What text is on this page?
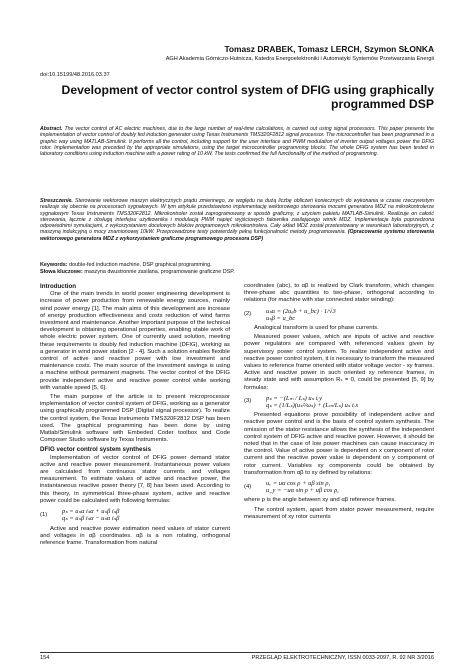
Tomasz DRABEK, Tomasz LERCH, Szymon SŁONKA
AGH Akademia Górniczo-Hutnicza, Katedra Energoelektroniki i Automatyki Systemów Przetwarzania Energii
doi:10.15199/48.2016.03.37
Development of vector control system of DFIG using graphically programmed DSP
Abstract. The vector control of AC electric machines, due to the large number of real-time calculations, is carried out using signal processors. This paper presents the implementation of vector control of doubly fed induction generator using Texas Instruments TMS320F2812 signal processor. The microcontroller has been programmed in a graphic way using MATLAB-Simulink. It performs all the control, including support for the user interface and PWM modulation of inverter output voltages power the DFIG rotor. Implementation was preceded by the appropriate simulations, using the target microcontroller programming blocks. The whole DFIG system has been tested in laboratory conditions using induction machine with a power rating of 10 kW. The tests confirmed the full functionality of the method of programming.
Streszczenie. Sterowanie wektorowe maszyn elektrycznych prądu zmiennego, ze względu na dużą liczbę obliczeń koniecznych do wykonania w czasie rzeczywistym realizuje się obecnie na procesorach sygnałowych. W tym artykule przedstawiono implementację wektorowego sterowania mocami generatora MDZ na mikrokontrolerze sygnałowym Texas Instruments TMS320F2812. Mikrokontroler został zaprogramowany w sposób graficzny, z użyciem pakietu MATLAB-Simulink. Realizuje on całość sterowania, łącznie z obsługą interfejsu użytkownika i modulacją PWM napięć wyjściowych falownika zasilającego wirnik MDZ. Implementacja była poprzedzona odpowiednimi symulacjami, z wykorzystaniem docelowych bloków programowych mikrokontrolera. Cały układ MDZ został przetestowany w warunkach laboratoryjnych, z maszyną indukcyjną o mocy znamionowej 10kW. Przeprowadzone testy potwierdziły pełną funkcjonalność metody programowania. (Opracowanie systemu sterowania wektorowego generatora MDZ z wykorzystaniem graficzne programowego procesora DSP)
Keywords: double-fed induction machine, DSP graphical programming.
Słowa kluczowe: maszyna dwustronnie zasilana, programowanie graficzne DSP.
Introduction

One of the main trends in world power engineering development is increase of power production from renewable energy sources, mainly wind power energy [1]. The main aims of this development are increase of energy production effectiveness and costs reduction of wind farms investment and maintenance. Another important purpose of the technical development is obtaining operational properties, enabling stable work of whole electric power system. One of currently used solution, meeting these requirements is doubly fed induction machine (DFIG), working as a generator in wind power station [2 - 4]. Such a solution enables flexible control of active and reactive power with low investment and maintenance costs. The main source of the investment savings is using a machine without permanent magnets. The vector control of the DFIG provide independent active and reactive power control while working with variable speed [5, 6].

The main purpose of the article is to present microprocessor implementation of vector control system of DFIG, working as a generator using graphically programmed DSP (Digital signal processor). To realize the control system, the Texas Instruments TMS320F2812 DSP has been used. The graphical programming has been done by using Matlab/Simulink software with Embeded Coder toolbox and Code Composer Studio software by Texas Instruments.

DFIG vector control system synthesis

Implementation of vector control of DFIG power demand stator active and reactive power measurement. Instantaneous power values are calculated from continuous stator currents and voltages measurement. To estimate values of active and reactive power, the instantaneous reactive power theory [7, 8] has been used. According to this theory, in symmetrical three-phase system, active and reactive power could be calculated with following formulas:

(1)	pₛ = uₛα iₛα + uₛβ iₛβ
qₛ = uₛβ iₛα − uₛα iₛβ

Active and reactive power estimation need values of stator current and voltages in αβ coordinates. αβ is a non rotating, orthogonal reference frame. Transformation from natural

coordinates (abc), to αβ is realized by Clark transform, which changes three-phase abc quantities to two-phase, orthogonal according to relations (for machine with star connected stator winding):

(2)	uₛα = (2uₐb + u_bc) · 1/√3
uₛβ = u_bc

Analogical transform is used for phase currents.

Measured power values, which are inputs of active and reactive power regulators are compared with referenced values given by supervisory power control system. To realize independent active and reactive power control system, it is necessary to transform the measured values to reference frame oriented with stator voltage vector - xy frames. Active and reactive power in such oriented xy reference frames, in steady state and with assumption Rₛ = 0, could be presented [5, 9] by formulas:

(3)	pₛ = −(Lₘ / Lₛ) uₛ iᵣy
qₛ = (1/Lₛ)(uₛ²/ωₛ) + (Lₘ/Lₛ) uₛ iᵣx

Presented equations prove possibility of independent active and reactive power control and is the basis of control system synthesis. The omission of the stator resistance allows the synthesis of the independent control system of DFIG active and reactive power. However, it should be noted that in the case of low power machines can cause inaccuracy in the control. Value of active power is dependent on x component of rotor current and the reactive power value is dependent on y component of rotor current. Variables xy components could be obtained by transformation from αβ to xy defined by relations:

(4)	uₓ = uα cos ρ + uβ sin ρ,
u_y = −uα sin ρ + uβ cos ρ,

where ρ is the angle between xy and αβ reference frames.

The control system, apart from stator power measurement, require measurement of xy rotor currents

154	PRZEGLĄD ELEKTROTECHNICZNY, ISSN 0033-2097, R. 92 NR 3/2016
